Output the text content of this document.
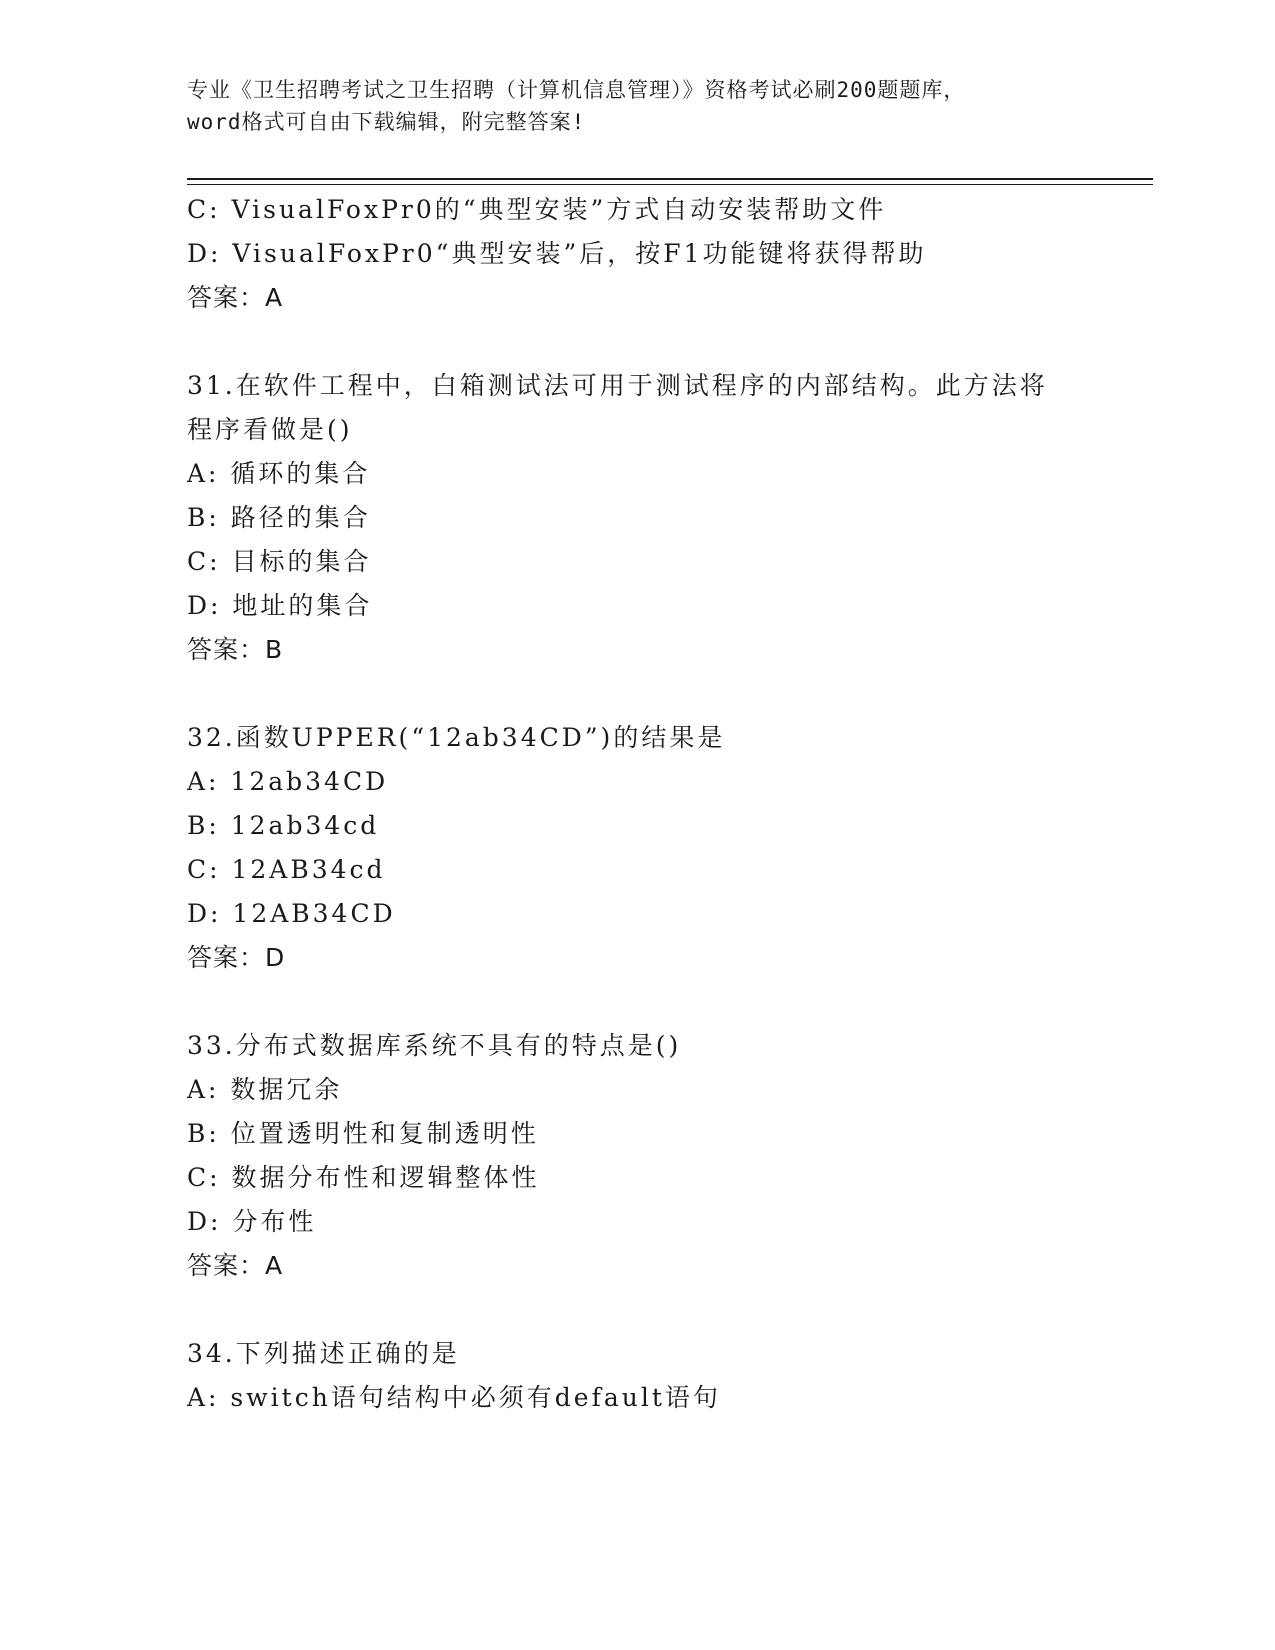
专业《卫生招聘考试之卫生招聘（计算机信息管理）》资格考试必刷200题题库，
word格式可自由下载编辑，附完整答案!
C: VisualFoxPr0的“典型安装”方式自动安装帮助文件
D: VisualFoxPr0“典型安装”后，按F1功能键将获得帮助
答案：A
31.在软件工程中，白箱测试法可用于测试程序的内部结构。此方法将
程序看做是()
A: 循环的集合
B: 路径的集合
C: 目标的集合
D: 地址的集合
答案：B
32.函数UPPER(“12ab34CD”)的结果是
A: 12ab34CD
B: 12ab34cd
C: 12AB34cd
D: 12AB34CD
答案：D
33.分布式数据库系统不具有的特点是()
A: 数据冗余
B: 位置透明性和复制透明性
C: 数据分布性和逻辑整体性
D: 分布性
答案：A
34.下列描述正确的是
A: switch语句结构中必须有default语句
